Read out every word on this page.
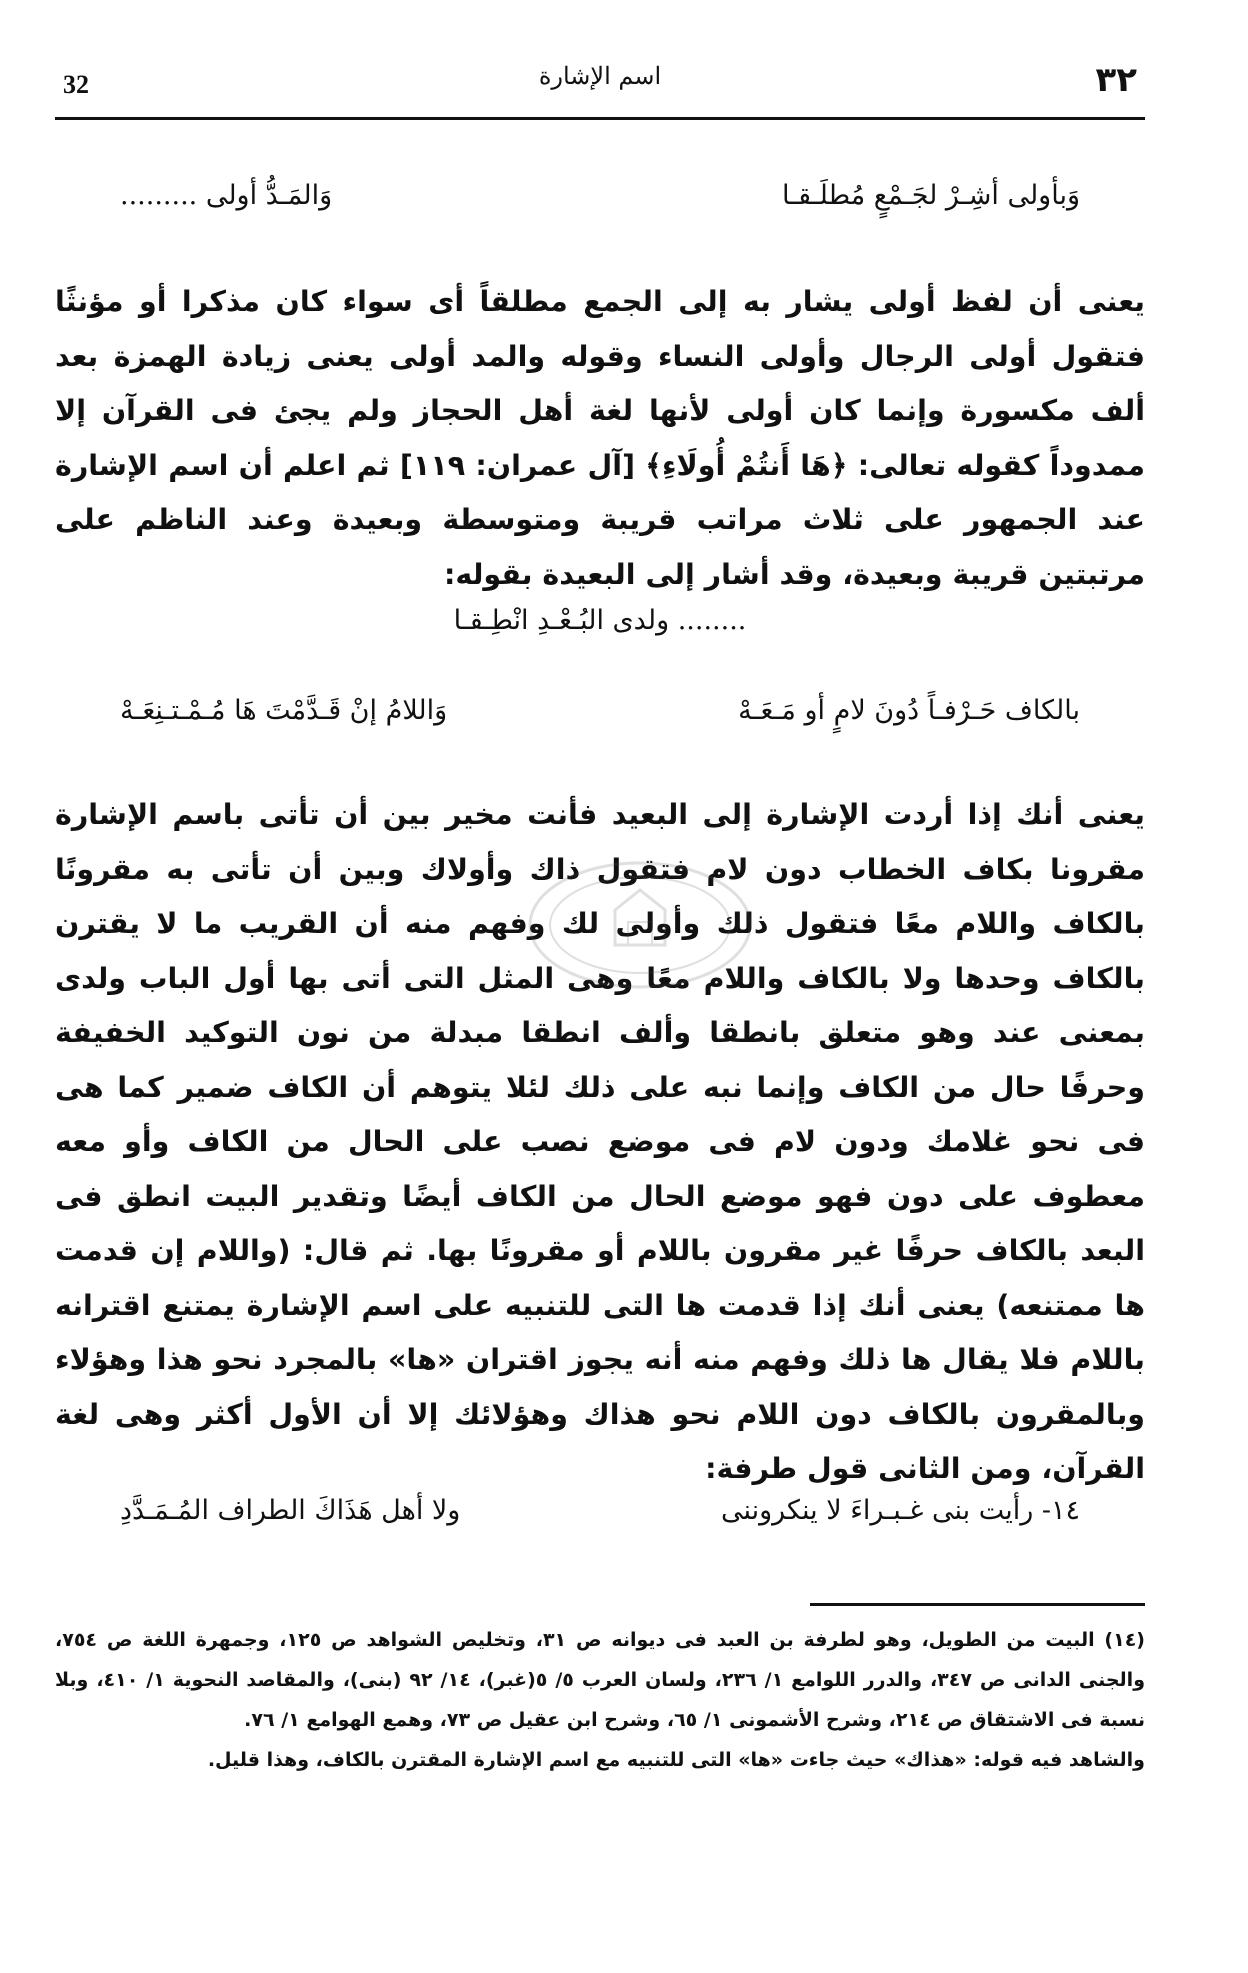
32	اسم الإشارة	٣٢
وَبأولى أشِـرْ لجَـمْعٍ مُطلَـقـا
وَالمَـدُّ أولى .........
يعنى أن لفظ أولى يشار به إلى الجمع مطلقاً أى سواء كان مذكرا أو مؤنثًا فتقول أولى الرجال وأولى النساء وقوله والمد أولى يعنى زيادة الهمزة بعد ألف مكسورة وإنما كان أولى لأنها لغة أهل الحجاز ولم يجئ فى القرآن إلا ممدوداً كقوله تعالى: ﴿هَا أَنتُمْ أُولَاءِ﴾ [آل عمران: ١١٩] ثم اعلم أن اسم الإشارة عند الجمهور على ثلاث مراتب قريبة ومتوسطة وبعيدة وعند الناظم على مرتبتين قريبة وبعيدة، وقد أشار إلى البعيدة بقوله:
........ ولدى البُـعْـدِ انْطِـقـا
بالكاف حَـرْفـاً دُونَ لامٍ أو مَـعَـهْ
وَاللامُ إنْ قَـدَّمْتَ هَا مُـمْـتـنِعَـهْ
يعنى أنك إذا أردت الإشارة إلى البعيد فأنت مخير بين أن تأتى باسم الإشارة مقرونا بكاف الخطاب دون لام فتقول ذاك وأولاك وبين أن تأتى به مقرونًا بالكاف واللام معًا فتقول ذلك وأولى لك وفهم منه أن القريب ما لا يقترن بالكاف وحدها ولا بالكاف واللام معًا وهى المثل التى أتى بها أول الباب ولدى بمعنى عند وهو متعلق بانطقا وألف انطقا مبدلة من نون التوكيد الخفيفة وحرفًا حال من الكاف وإنما نبه على ذلك لئلا يتوهم أن الكاف ضمير كما هى فى نحو غلامك ودون لام فى موضع نصب على الحال من الكاف وأو معه معطوف على دون فهو موضع الحال من الكاف أيضًا وتقدير البيت انطق فى البعد بالكاف حرفًا غير مقرون باللام أو مقرونًا بها. ثم قال: (واللام إن قدمت ها ممتنعه) يعنى أنك إذا قدمت ها التى للتنبيه على اسم الإشارة يمتنع اقترانه باللام فلا يقال ها ذلك وفهم منه أنه يجوز اقتران «ها» بالمجرد نحو هذا وهؤلاء وبالمقرون بالكاف دون اللام نحو هذاك وهؤلائك إلا أن الأول أكثر وهى لغة القرآن، ومن الثانى قول طرفة:
١٤- رأيت بنى غـبـراءَ لا ينكروننى
ولا أهل هَذَاكَ الطراف المُـمَـدَّدِ

(١٤) البيت من الطويل، وهو لطرفة بن العبد فى ديوانه ص ٣١، وتخليص الشواهد ص ١٢٥، وجمهرة اللغة ص ٧٥٤، والجنى الدانى ص ٣٤٧، والدرر اللوامع ١/ ٢٣٦، ولسان العرب ٥/ ٥(غبر)، ١٤/ ٩٢ (بنى)، والمقاصد النحوية ١/ ٤١٠، وبلا نسبة فى الاشتقاق ص ٢١٤، وشرح الأشمونى ١/ ٦٥، وشرح ابن عقيل ص ٧٣، وهمع الهوامع ١/ ٧٦.

والشاهد فيه قوله: «هذاك» حيث جاءت «ها» التى للتنبيه مع اسم الإشارة المقترن بالكاف، وهذا قليل.
